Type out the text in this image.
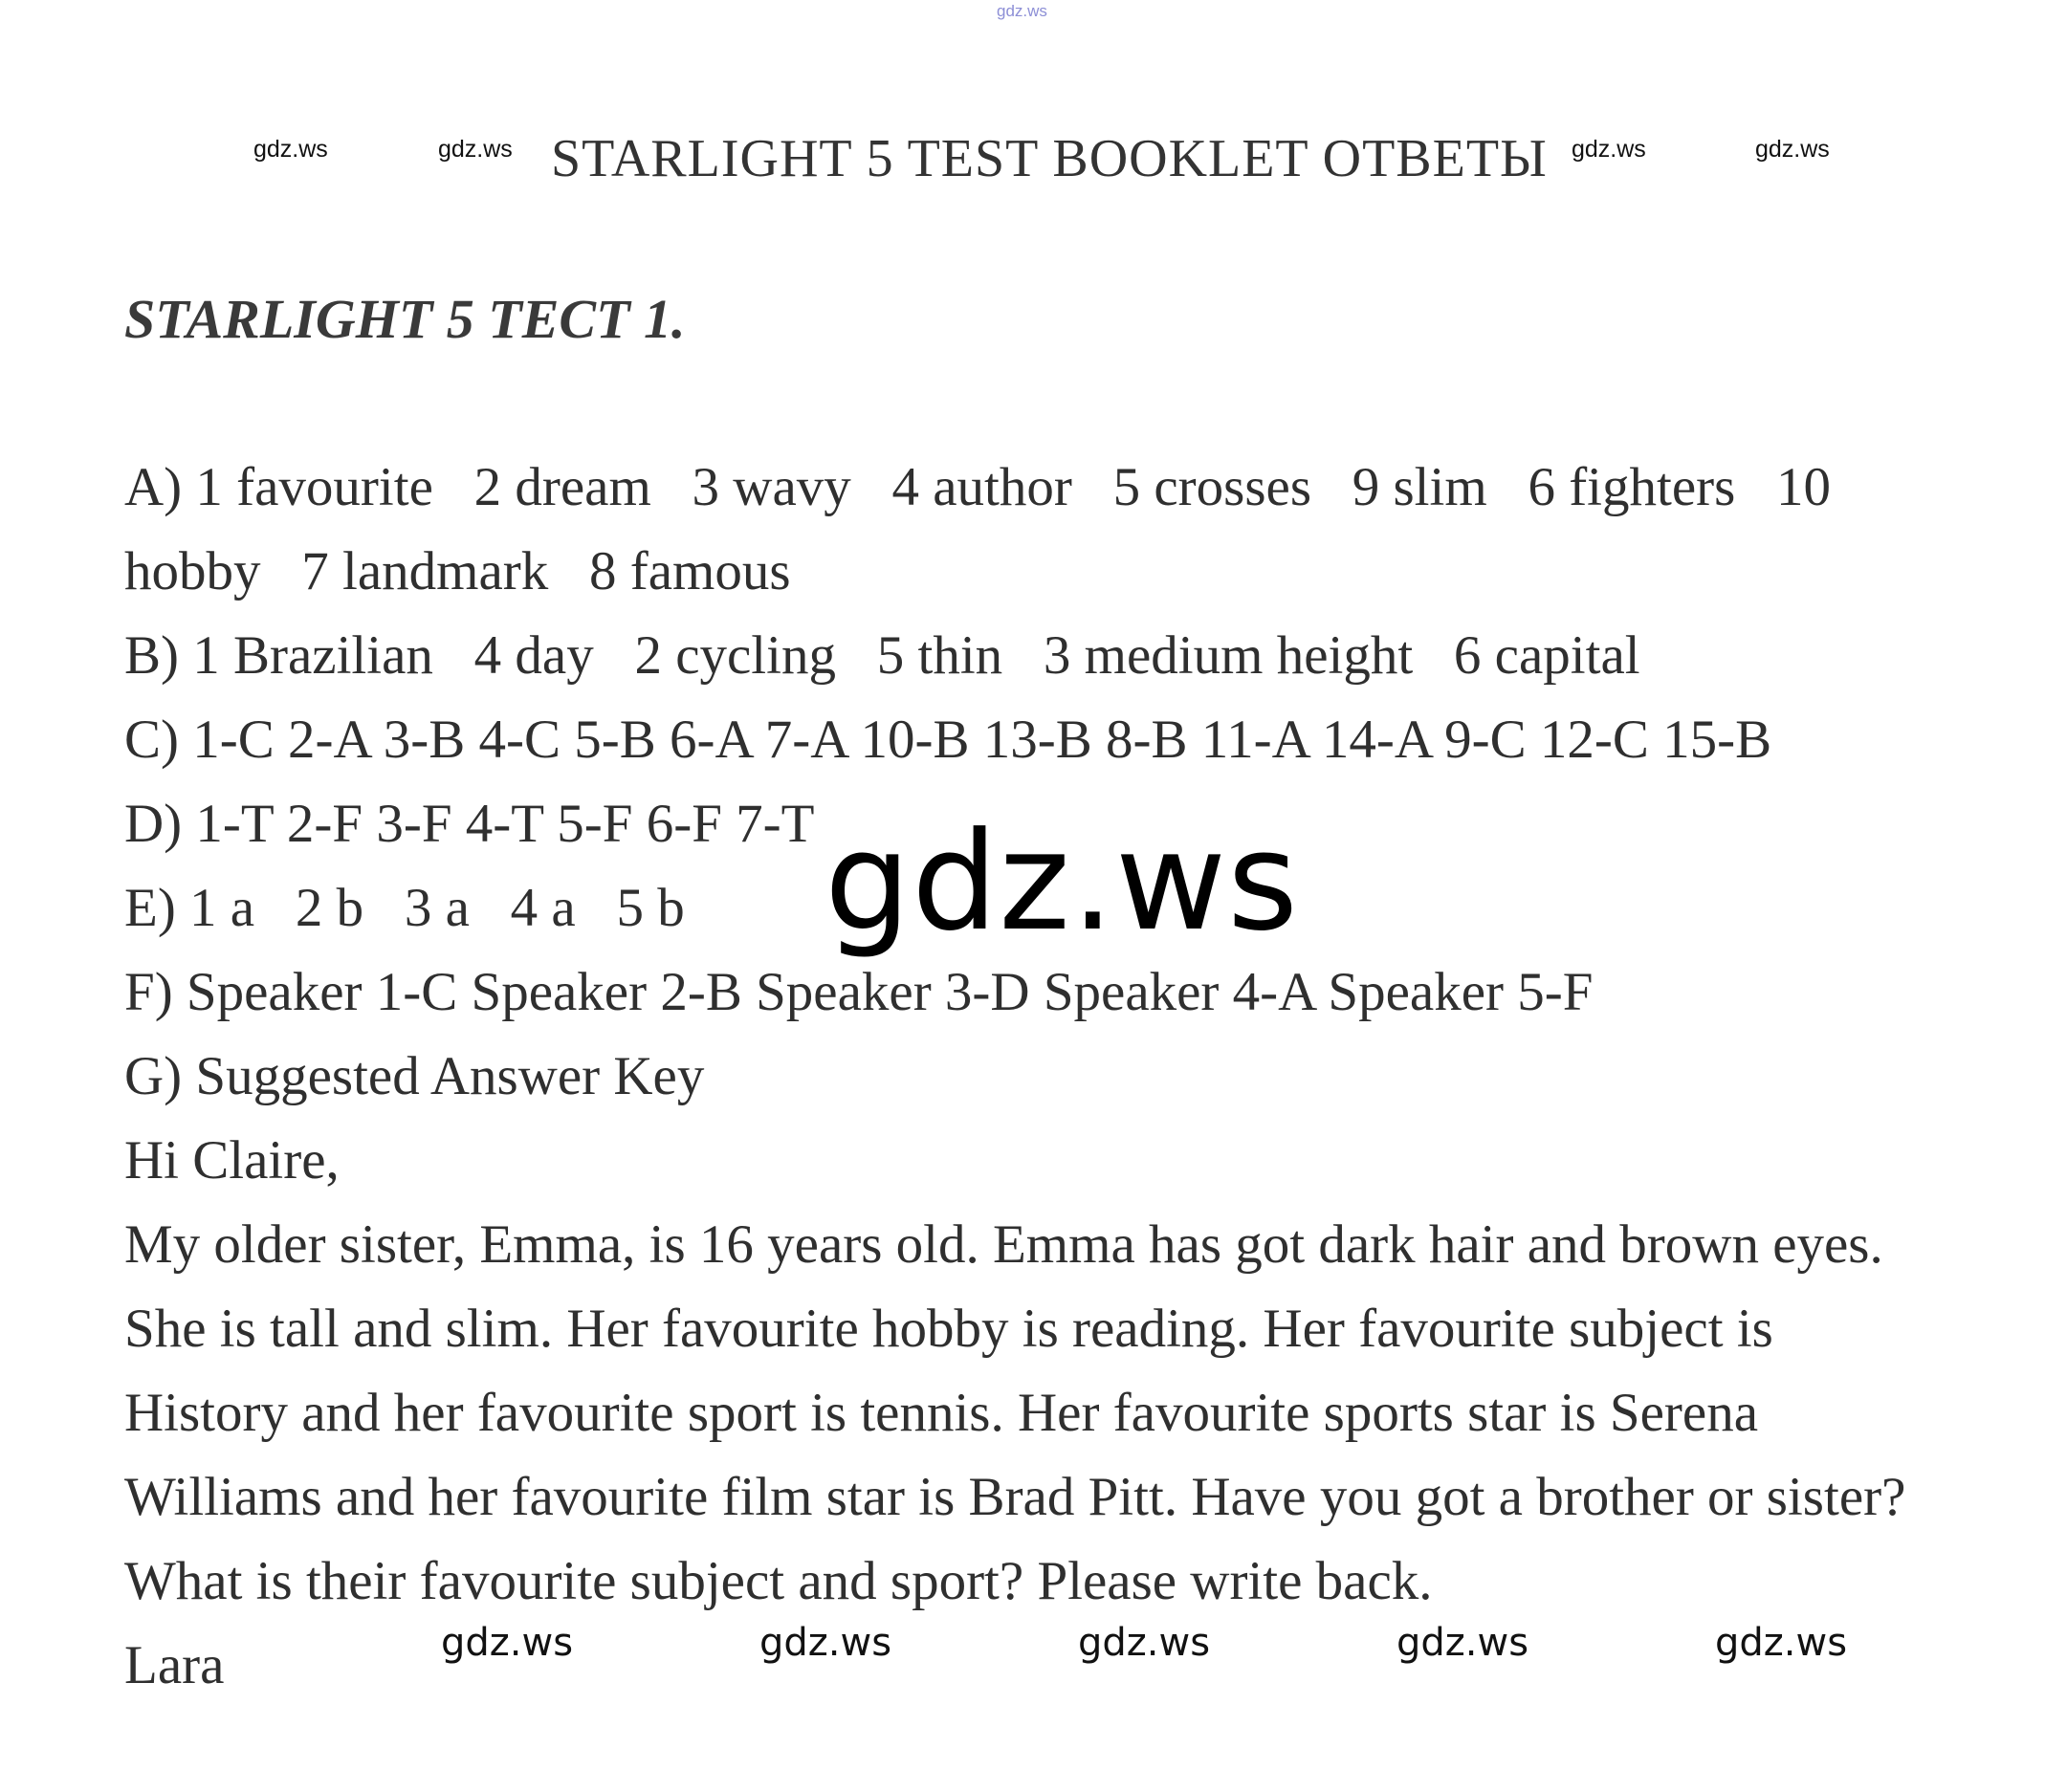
gdz.ws
gdz.ws	gdz.ws STARLIGHT 5 TEST BOOKLET ОТВЕТЫ gdz.ws	gdz.ws
STARLIGHT 5 ТЕСТ 1.
A) 1 favourite   2 dream   3 wavy   4 author   5 crosses   9 slim   6 fighters   10
hobby   7 landmark   8 famous
B) 1 Brazilian   4 day   2 cycling   5 thin   3 medium height   6 capital
C) 1-C 2-A 3-B 4-C 5-B 6-A 7-A 10-B 13-B 8-B 11-A 14-A 9-C 12-C 15-B
D) 1-T 2-F 3-F 4-T 5-F 6-F 7-T
E) 1 a   2 b   3 a   4 a   5 b
F) Speaker 1-C Speaker 2-B Speaker 3-D Speaker 4-A Speaker 5-F
G) Suggested Answer Key
Hi Claire,
My older sister, Emma, is 16 years old. Emma has got dark hair and brown eyes.
She is tall and slim. Her favourite hobby is reading. Her favourite subject is
History and her favourite sport is tennis. Her favourite sports star is Serena
Williams and her favourite film star is Brad Pitt. Have you got a brother or sister?
What is their favourite subject and sport? Please write back.
Lara
gdz.ws
gdz.ws	gdz.ws	gdz.ws	gdz.ws	gdz.ws
